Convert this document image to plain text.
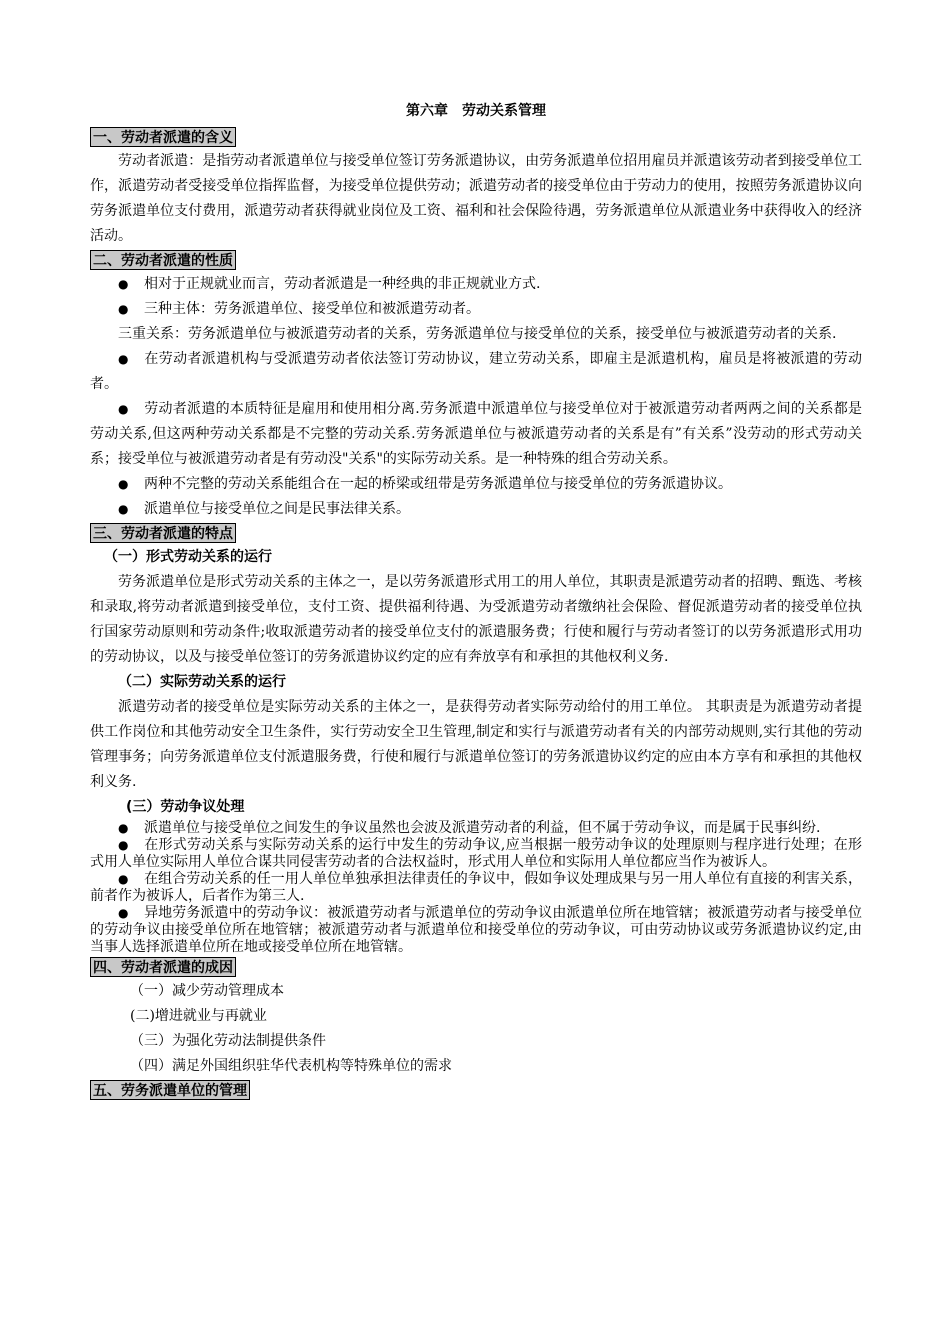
第六章　劳动关系管理
一、劳动者派遣的含义

劳动者派遣：是指劳动者派遣单位与接受单位签订劳务派遣协议，由劳务派遣单位招用雇员并派遣该劳动者到接受单位工作，派遣劳动者受接受单位指挥监督，为接受单位提供劳动；派遣劳动者的接受单位由于劳动力的使用，按照劳务派遣协议向劳务派遣单位支付费用，派遣劳动者获得就业岗位及工资、福利和社会保险待遇，劳务派遣单位从派遣业务中获得收入的经济活动。

二、劳动者派遣的性质

● 相对于正规就业而言，劳动者派遣是一种经典的非正规就业方式.

● 三种主体：劳务派遣单位、接受单位和被派遣劳动者。

三重关系：劳务派遣单位与被派遣劳动者的关系，劳务派遣单位与接受单位的关系，接受单位与被派遣劳动者的关系.

● 在劳动者派遣机构与受派遣劳动者依法签订劳动协议，建立劳动关系，即雇主是派遣机构，雇员是将被派遣的劳动者。

● 劳动者派遣的本质特征是雇用和使用相分离.劳务派遣中派遣单位与接受单位对于被派遣劳动者两两之间的关系都是劳动关系,但这两种劳动关系都是不完整的劳动关系.劳务派遣单位与被派遣劳动者的关系是有”有关系”没劳动的形式劳动关系；接受单位与被派遣劳动者是有劳动没"关系"的实际劳动关系。是一种特殊的组合劳动关系。

● 两种不完整的劳动关系能组合在一起的桥梁或纽带是劳务派遣单位与接受单位的劳务派遣协议。

● 派遣单位与接受单位之间是民事法律关系。

三、劳动者派遣的特点

（一）形式劳动关系的运行

劳务派遣单位是形式劳动关系的主体之一，是以劳务派遣形式用工的用人单位，其职责是派遣劳动者的招聘、甄选、考核和录取,将劳动者派遣到接受单位，支付工资、提供福利待遇、为受派遣劳动者缴纳社会保险、督促派遣劳动者的接受单位执行国家劳动原则和劳动条件;收取派遣劳动者的接受单位支付的派遣服务费；行使和履行与劳动者签订的以劳务派遣形式用功的劳动协议，以及与接受单位签订的劳务派遣协议约定的应有奔放享有和承担的其他权利义务.

（二）实际劳动关系的运行

派遣劳动者的接受单位是实际劳动关系的主体之一，是获得劳动者实际劳动给付的用工单位。 其职责是为派遣劳动者提供工作岗位和其他劳动安全卫生条件，实行劳动安全卫生管理,制定和实行与派遣劳动者有关的内部劳动规则,实行其他的劳动管理事务；向劳务派遣单位支付派遣服务费，行使和履行与派遣单位签订的劳务派遣协议约定的应由本方享有和承担的其他权利义务.

(三）劳动争议处理

● 派遣单位与接受单位之间发生的争议虽然也会波及派遣劳动者的利益，但不属于劳动争议，而是属于民事纠纷.

● 在形式劳动关系与实际劳动关系的运行中发生的劳动争议,应当根据一般劳动争议的处理原则与程序进行处理；在形式用人单位实际用人单位合谋共同侵害劳动者的合法权益时，形式用人单位和实际用人单位都应当作为被诉人。

● 在组合劳动关系的任一用人单位单独承担法律责任的争议中，假如争议处理成果与另一用人单位有直接的利害关系，前者作为被诉人，后者作为第三人.

● 异地劳务派遣中的劳动争议：被派遣劳动者与派遣单位的劳动争议由派遣单位所在地管辖；被派遣劳动者与接受单位的劳动争议由接受单位所在地管辖；被派遣劳动者与派遣单位和接受单位的劳动争议，可由劳动协议或劳务派遣协议约定,由当事人选择派遣单位所在地或接受单位所在地管辖。

四、劳动者派遣的成因

（一）减少劳动管理成本

(二)增进就业与再就业

（三）为强化劳动法制提供条件

（四）满足外国组织驻华代表机构等特殊单位的需求

五、劳务派遣单位的管理
